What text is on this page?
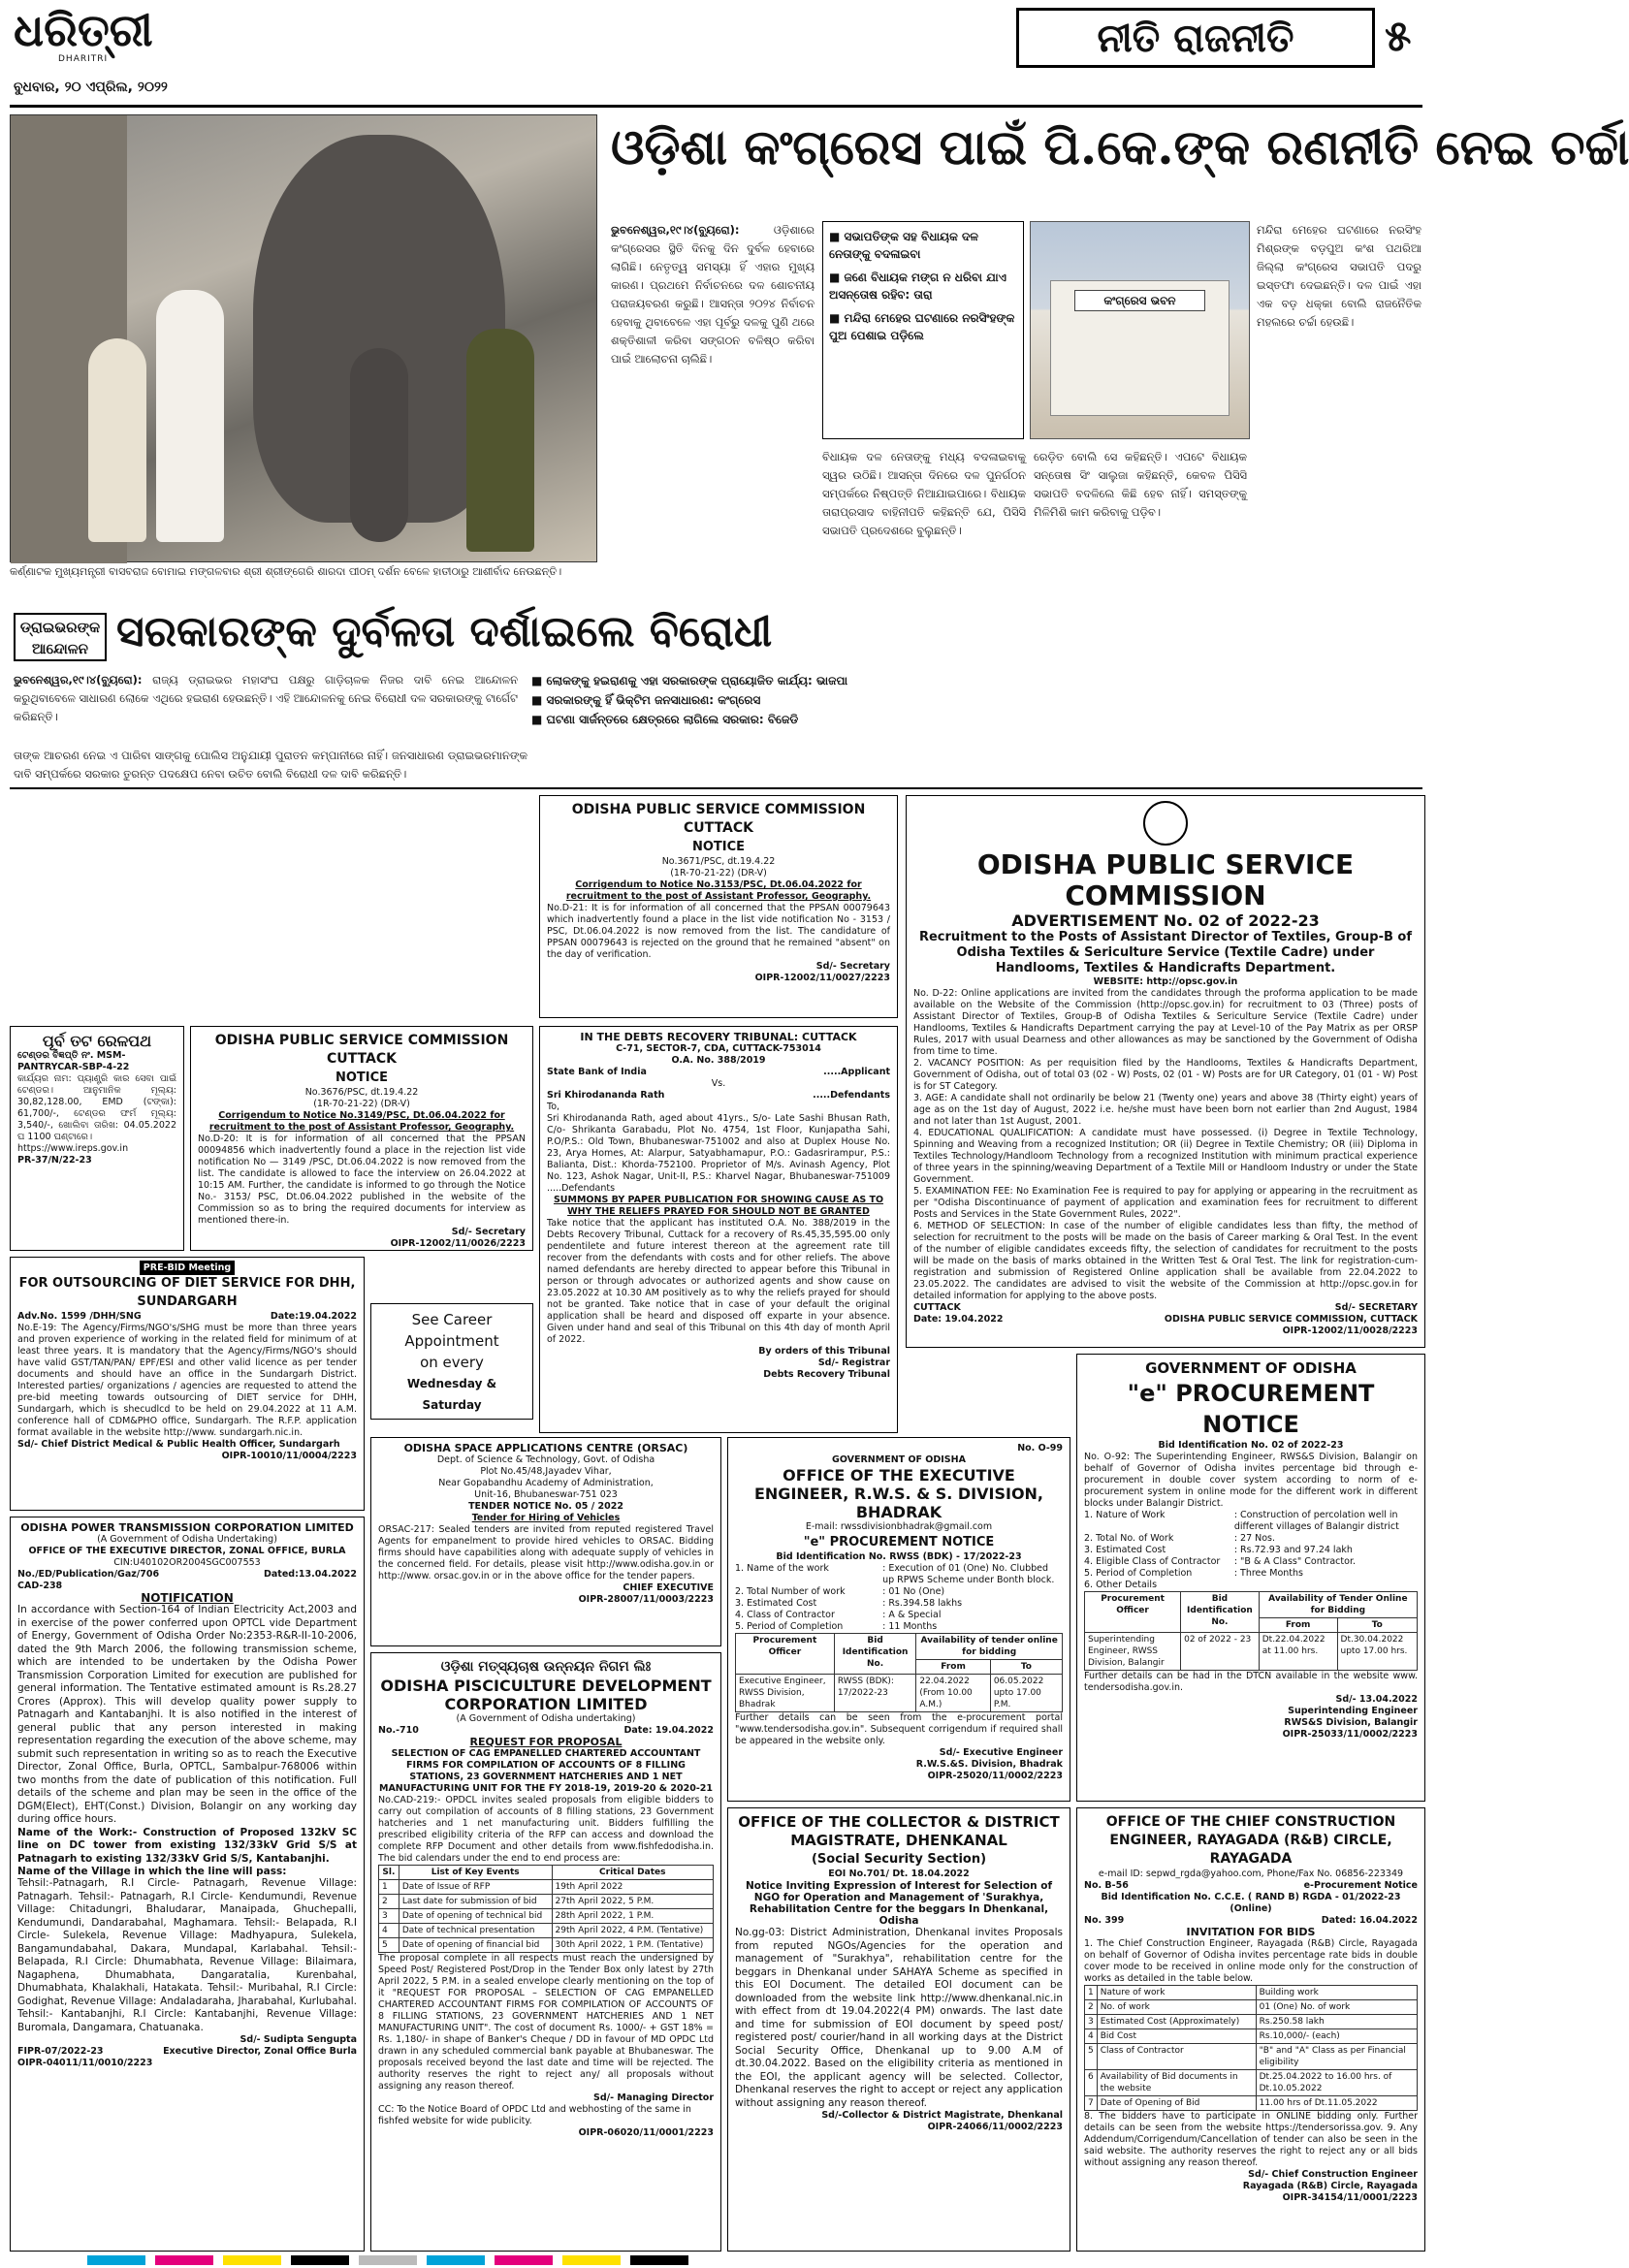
ଧରିତ୍ରୀ
DHARITRI
ବୁଧବାର, ୨୦ ଏପ୍ରିଲ, ୨୦୨୨
ନୀତି ରାଜନୀତି	୫
କର୍ଣ୍ଣାଟକ ମୁଖ୍ୟମନ୍ତ୍ରୀ ବାସବରାଜ ବୋମାଇ ମଙ୍ଗଳବାର ଶ୍ରୀ ଶ୍ରୀଙ୍ଗେରି ଶାରଦା ପୀଠମ୍ ଦର୍ଶନ ବେଳେ ହାତୀଠାରୁ ଆଶୀର୍ବାଦ ନେଉଛନ୍ତି।
ଓଡ଼ିଶା କଂଗ୍ରେସ ପାଇଁ ପି.କେ.ଙ୍କ ରଣନୀତି ନେଇ ଚର୍ଚ୍ଚା
ଭୁବନେଶ୍ୱର,୧୯।୪(ବ୍ୟୁରୋ):	ଓଡ଼ିଶାରେ କଂଗ୍ରେସର ସ୍ଥିତି ଦିନକୁ ଦିନ ଦୁର୍ବଳ ହେବାରେ ଲାଗିଛି। ନେତୃତ୍ୱ ସମସ୍ୟା ହିଁ ଏହାର ମୁଖ୍ୟ କାରଣ। ପ୍ରଥମେ ନିର୍ବାଚନରେ ଦଳ ଶୋଚନୀୟ ପରାଜୟବରଣ କରୁଛି। ଆସନ୍ତା ୨୦୨୪ ନିର୍ବାଚନ ହେବାକୁ ଥିବାବେଳେ ଏହା ପୂର୍ବରୁ ଦଳକୁ ପୁଣି ଥରେ ଶକ୍ତିଶାଳୀ କରିବା ସଙ୍ଗଠନ ବଳିଷ୍ଠ କରିବା ପାଇଁ ଆଲୋଚନା ଚାଲିଛି।
■ ସଭାପତିଙ୍କ ସହ ବିଧାୟକ ଦଳ ନେତାଙ୍କୁ ବଦଳାଇବା
■ ଜଣେ ବିଧାୟକ ମଙ୍ଗ ନ ଧରିବା ଯାଏ ଅସନ୍ତୋଷ ରହିବ: ତାରା
■ ମନ୍ଦିରା ମେହେର ଘଟଣାରେ ନରସିଂହଙ୍କ ପୁଅ ପେଶାଇ ପଡ଼ିଲେ
କଂଗ୍ରେସ ଭବନ
ବିଧାୟକ ଦଳ ନେତାଙ୍କୁ ମଧ୍ୟ ବଦଳାଇବାକୁ ସ୍ୱର ଉଠିଛି। ଆସନ୍ତା ଦିନରେ ଦଳ ପୁନର୍ଗଠନ ସମ୍ପର୍କରେ ନିଷ୍ପତ୍ତି ନିଆଯାଇପାରେ। ବିଧାୟକ ତାରାପ୍ରସାଦ ବାହିନୀପତି କହିଛନ୍ତି ଯେ, ପିସିସି ସଭାପତି ପ୍ରଦେଶରେ ବୁଲୁଛନ୍ତି।
ରେଡ଼ିତ ବୋଲି ସେ କହିଛନ୍ତି। ଏପଟେ ବିଧାୟକ ସନ୍ତୋଷ ସିଂ ସାଲୁଜା କହିଛନ୍ତି, କେବଳ ପିସିସି ସଭାପତି ବଦଳିଲେ କିଛି ହେବ ନାହିଁ। ସମସ୍ତଙ୍କୁ ମିଳିମିଶି କାମ କରିବାକୁ ପଡ଼ିବ।
ମନ୍ଦିରା ମେହେର ଘଟଣାରେ ନରସିଂହ ମିଶ୍ରଙ୍କ ବଡ଼ପୁଅ କଂଶ ପଥରିଆ ଜିଲ୍ଲା କଂଗ୍ରେସ ସଭାପତି ପଦରୁ ଇସ୍ତଫା ଦେଇଛନ୍ତି। ଦଳ ପାଇଁ ଏହା ଏକ ବଡ଼ ଧକ୍କା ବୋଲି ରାଜନୈତିକ ମହଲରେ ଚର୍ଚ୍ଚା ହେଉଛି।
ଡ୍ରାଇଭରଙ୍କ ଆନ୍ଦୋଳନ ସରକାରଙ୍କ ଦୁର୍ବଳତା ଦର୍ଶାଇଲେ ବିରୋଧୀ
ଭୁବନେଶ୍ୱର,୧୯।୪(ବ୍ୟୁରୋ): ରାଜ୍ୟ ଡ୍ରାଇଭର ମହାସଂଘ ପକ୍ଷରୁ ଗାଡ଼ିଚାଳକ ନିଜର ଦାବି ନେଇ ଆନ୍ଦୋଳନ କରୁଥିବାବେଳେ ସାଧାରଣ ଲୋକେ ଏଥିରେ ହଇରାଣ ହେଉଛନ୍ତି। ଏହି ଆନ୍ଦୋଳନକୁ ନେଇ ବିରୋଧୀ ଦଳ ସରକାରଙ୍କୁ ଟାର୍ଗେଟ କରିଛନ୍ତି।
■ ଲୋକଙ୍କୁ ହଇରାଣକୁ ଏହା ସରକାରଙ୍କ ପ୍ରାୟୋଜିତ କାର୍ଯ୍ୟ: ଭାଜପା
■ ସରକାରଙ୍କୁ ହିଁ ଭିକ୍ଟିମ ଜନସାଧାରଣ: କଂଗ୍ରେସ
■ ଘଟଣା ସାର୍ଜନ୍ତରେ କ୍ଷେତ୍ରରେ ଲାଗିଲେ ସରକାର: ବିଜେଡି
ତାଙ୍କ ଆଚରଣ ନେଇ ଏ ପାରିବା ସାଙ୍ଗକୁ ପୋଲିସ ଅନୁଯାୟୀ ପୁରାତନ କମ୍ପାନୀରେ ନାହିଁ। ଜନସାଧାରଣ ଡ୍ରାଇଭରମାନଙ୍କ ଦାବି ସମ୍ପର୍କରେ ସରକାର ତୁରନ୍ତ ପଦକ୍ଷେପ ନେବା ଉଚିତ ବୋଲି ବିରୋଧୀ ଦଳ ଦାବି କରିଛନ୍ତି।
ODISHA PUBLIC SERVICE COMMISSION
CUTTACK
NOTICE
No.3671/PSC, dt.19.4.22
(1R-70-21-22) (DR-V)
Corrigendum to Notice No.3153/PSC, Dt.06.04.2022 for recruitment to the post of Assistant Professor, Geography.
No.D-21: It is for information of all concerned that the PPSAN 00079643 which inadvertently found a place in the list vide notification No - 3153 / PSC, Dt.06.04.2022 is now removed from the list. The candidature of PPSAN 00079643 is rejected on the ground that he remained "absent" on the day of verification.
Sd/- Secretary
OIPR-12002/11/0027/2223
ODISHA PUBLIC SERVICE COMMISSION
ADVERTISEMENT No. 02 of 2022-23
Recruitment to the Posts of Assistant Director of Textiles, Group-B of Odisha Textiles & Sericulture Service (Textile Cadre) under Handlooms, Textiles & Handicrafts Department.
WEBSITE: http://opsc.gov.in
No. D-22: Online applications are invited from the candidates through the proforma application to be made available on the Website of the Commission (http://opsc.gov.in) for recruitment to 03 (Three) posts of Assistant Director of Textiles, Group-B of Odisha Textiles & Sericulture Service (Textile Cadre) under Handlooms, Textiles & Handicrafts Department carrying the pay at Level-10 of the Pay Matrix as per ORSP Rules, 2017 with usual Dearness and other allowances as may be sanctioned by the Government of Odisha from time to time.
2. VACANCY POSITION: As per requisition filed by the Handlooms, Textiles & Handicrafts Department, Government of Odisha, out of total 03 (02 - W) Posts, 02 (01 - W) Posts are for UR Category, 01 (01 - W) Post is for ST Category.
3. AGE: A candidate shall not ordinarily be below 21 (Twenty one) years and above 38 (Thirty eight) years of age as on the 1st day of August, 2022 i.e. he/she must have been born not earlier than 2nd August, 1984 and not later than 1st August, 2001.
4. EDUCATIONAL QUALIFICATION: A candidate must have possessed. (i) Degree in Textile Technology, Spinning and Weaving from a recognized Institution; OR (ii) Degree in Textile Chemistry; OR (iii) Diploma in Textiles Technology/Handloom Technology from a recognized Institution with minimum practical experience of three years in the spinning/weaving Department of a Textile Mill or Handloom Industry or under the State Government.
5. EXAMINATION FEE: No Examination Fee is required to pay for applying or appearing in the recruitment as per "Odisha Discontinuance of payment of application and examination fees for recruitment to different Posts and Services in the State Government Rules, 2022".
6. METHOD OF SELECTION: In case of the number of eligible candidates less than fifty, the method of selection for recruitment to the posts will be made on the basis of Career marking & Oral Test. In the event of the number of eligible candidates exceeds fifty, the selection of candidates for recruitment to the posts will be made on the basis of marks obtained in the Written Test & Oral Test. The link for registration-cum-registration and submission of Registered Online application shall be available from 22.04.2022 to 23.05.2022. The candidates are advised to visit the website of the Commission at http://opsc.gov.in for detailed information for applying to the above posts.
CUTTACK	Sd/- SECRETARY
Date: 19.04.2022	ODISHA PUBLIC SERVICE COMMISSION, CUTTACK
OIPR-12002/11/0028/2223
ପୂର୍ବ ତଟ ରେଳପଥ
ଟେଣ୍ଡର ବିଜ୍ଞପ୍ତି ନଂ. MSM-PANTRYCAR-SBP-4-22
କାର୍ଯ୍ୟର ନାମ: ପ୍ୟାଣ୍ଟ୍ରି କାର ସେବା ପାଇଁ ଟେଣ୍ଡର। ଆନୁମାନିକ ମୂଲ୍ୟ: 30,82,128.00, EMD (ଟଙ୍କା): 61,700/-, ଟେଣ୍ଡର ଫର୍ମ ମୂଲ୍ୟ: 3,540/-, ଖୋଲିବା ତାରିଖ: 04.05.2022 ଘ 1100 ଘଣ୍ଟାରେ।
https://www.ireps.gov.in
PR-37/N/22-23
ODISHA PUBLIC SERVICE COMMISSION
CUTTACK
NOTICE
No.3676/PSC, dt.19.4.22
(1R-70-21-22) (DR-V)
Corrigendum to Notice No.3149/PSC, Dt.06.04.2022 for recruitment to the post of Assistant Professor, Geography.
No.D-20: It is for information of all concerned that the PPSAN 00094856 which inadvertently found a place in the rejection list vide notification No — 3149 /PSC, Dt.06.04.2022 is now removed from the list. The candidate is allowed to face the interview on 26.04.2022 at 10:15 AM. Further, the candidate is informed to go through the Notice No.- 3153/ PSC, Dt.06.04.2022 published in the website of the Commission so as to bring the required documents for interview as mentioned there-in.
Sd/- Secretary
OIPR-12002/11/0026/2223
IN THE DEBTS RECOVERY TRIBUNAL: CUTTACK
C-71, SECTOR-7, CDA, CUTTACK-753014
O.A. No. 388/2019
State Bank of India	.....Applicant
Vs.
Sri Khirodananda Rath	.....Defendants
To,
Sri Khirodananda Rath, aged about 41yrs., S/o- Late Sashi Bhusan Rath, C/o- Shrikanta Garabadu, Plot No. 4754, 1st Floor, Kunjapatha Sahi, P.O/P.S.: Old Town, Bhubaneswar-751002 and also at Duplex House No. 23, Arya Homes, At: Alarpur, Satyabhamapur, P.O.: Gadasrirampur, P.S.: Balianta, Dist.: Khorda-752100. Proprietor of M/s. Avinash Agency, Plot No. 123, Ashok Nagar, Unit-II, P.S.: Kharvel Nagar, Bhubaneswar-751009 .....Defendants
SUMMONS BY PAPER PUBLICATION FOR SHOWING CAUSE AS TO WHY THE RELIEFS PRAYED FOR SHOULD NOT BE GRANTED
Take notice that the applicant has instituted O.A. No. 388/2019 in the Debts Recovery Tribunal, Cuttack for a recovery of Rs.45,35,595.00 only pendentilete and future interest thereon at the agreement rate till recover from the defendants with costs and for other reliefs. The above named defendants are hereby directed to appear before this Tribunal in person or through advocates or authorized agents and show cause on 23.05.2022 at 10.30 AM positively as to why the reliefs prayed for should not be granted. Take notice that in case of your default the original application shall be heard and disposed off exparte in your absence. Given under hand and seal of this Tribunal on this 4th day of month April of 2022.
By orders of this Tribunal
Sd/- Registrar
Debts Recovery Tribunal
PRE-BID Meeting
FOR OUTSOURCING OF DIET SERVICE FOR DHH, SUNDARGARH
Adv.No. 1599 /DHH/SNG	Date:19.04.2022
No.E-19: The Agency/Firms/NGO's/SHG must be more than three years and proven experience of working in the related field for minimum of at least three years. It is mandatory that the Agency/Firms/NGO's should have valid GST/TAN/PAN/ EPF/ESI and other valid licence as per tender documents and should have an office in the Sundargarh District. Interested parties/ organizations / agencies are requested to attend the pre-bid meeting towards outsourcing of DIET service for DHH, Sundargarh, which is shecudlcd to be held on 29.04.2022 at 11 A.M. conference hall of CDM&PHO office, Sundargarh. The R.F.P. application format available in the website http://www. sundargarh.nic.in.
Sd/- Chief District Medical & Public Health Officer, Sundargarh
OIPR-10010/11/0004/2223
See Career
Appointment
on every
Wednesday & Saturday
ODISHA SPACE APPLICATIONS CENTRE (ORSAC)
Dept. of Science & Technology, Govt. of Odisha
Plot No.45/48,Jayadev Vihar,
Near Gopabandhu Academy of Administration,
Unit-16, Bhubaneswar-751 023
TENDER NOTICE No. 05 / 2022
Tender for Hiring of Vehicles
ORSAC-217: Sealed tenders are invited from reputed registered Travel Agents for empanelment to provide hired vehicles to ORSAC. Bidding firms should have capabilities along with adequate supply of vehicles in the concerned field. For details, please visit http://www.odisha.gov.in or http://www. orsac.gov.in or in the above office for the tender papers.
CHIEF EXECUTIVE
OIPR-28007/11/0003/2223
No. O-99
GOVERNMENT OF ODISHA
OFFICE OF THE EXECUTIVE ENGINEER, R.W.S. & S. DIVISION, BHADRAK
E-mail: rwssdivisionbhadrak@gmail.com
"e" PROCUREMENT NOTICE
Bid Identification No. RWSS (BDK) - 17/2022-23
1. Name of the work	: Execution of 01 (One) No. Clubbed up RPWS Scheme under Bonth block.
2. Total Number of work	: 01 No (One)
3. Estimated Cost	: Rs.394.58 lakhs
4. Class of Contractor	: A & Special
5. Period of Completion	: 11 Months
Procurement Officer	Bid Identification No.	Availability of tender online for bidding	
		From	To
Executive Engineer, RWSS Division, Bhadrak	RWSS (BDK): 17/2022-23	22.04.2022 (From 10.00 A.M.)	06.05.2022 upto 17.00 P.M.
Further details can be seen from the e-procurement portal "www.tendersodisha.gov.in". Subsequent corrigendum if required shall be appeared in the website only.
Sd/- Executive Engineer
R.W.S.&S. Division, Bhadrak
OIPR-25020/11/0002/2223
GOVERNMENT OF ODISHA
"e" PROCUREMENT NOTICE
Bid Identification No. 02 of 2022-23
No. O-92: The Superintending Engineer, RWS&S Division, Balangir on behalf of Governor of Odisha invites percentage bid through e-procurement in double cover system according to norm of e-procurement system in online mode for the different work in different blocks under Balangir District.
1. Nature of Work	: Construction of percolation well in different villages of Balangir district
2. Total No. of Work	: 27 Nos.
3. Estimated Cost	: Rs.72.93 and 97.24 lakh
4. Eligible Class of Contractor : "B & A Class" Contractor.
5. Period of Completion	: Three Months
6. Other Details
Procurement Officer	Bid Identification No.	Availability of Tender Online for Bidding	
		From	To
Superintending Engineer, RWSS Division, Balangir	02 of 2022 - 23	Dt.22.04.2022 at 11.00 hrs.	Dt.30.04.2022 upto 17.00 hrs.
Further details can be had in the DTCN available in the website www. tendersodisha.gov.in.
Sd/- 13.04.2022
Superintending Engineer
RWS&S Division, Balangir
OIPR-25033/11/0002/2223
ODISHA POWER TRANSMISSION CORPORATION LIMITED
(A Government of Odisha Undertaking)
OFFICE OF THE EXECUTIVE DIRECTOR, ZONAL OFFICE, BURLA
CIN:U40102OR2004SGC007553
No./ED/Publication/Gaz/706	Dated:13.04.2022
CAD-238
NOTIFICATION
In accordance with Section-164 of Indian Electricity Act,2003 and in exercise of the power conferred upon OPTCL vide Department of Energy, Government of Odisha Order No:2353-R&R-II-10-2006, dated the 9th March 2006, the following transmission scheme, which are intended to be undertaken by the Odisha Power Transmission Corporation Limited for execution are published for general information. The Tentative estimated amount is Rs.28.27 Crores (Approx). This will develop quality power supply to Patnagarh and Kantabanjhi. It is also notified in the interest of general public that any person interested in making representation regarding the execution of the above scheme, may submit such representation in writing so as to reach the Executive Director, Zonal Office, Burla, OPTCL, Sambalpur-768006 within two months from the date of publication of this notification. Full details of the scheme and plan may be seen in the office of the DGM(Elect), EHT(Const.) Division, Bolangir on any working day during office hours.
Name of the Work:- Construction of Proposed 132kV SC line on DC tower from existing 132/33kV Grid S/S at Patnagarh to existing 132/33kV Grid S/S, Kantabanjhi.
Name of the Village in which the line will pass:
Tehsil:-Patnagarh, R.I Circle- Patnagarh, Revenue Village: Patnagarh. Tehsil:- Patnagarh, R.I Circle- Kendumundi, Revenue Village: Chitadungri, Bhaludarar, Manaipada, Ghuchepalli, Kendumundi, Dandarabahal, Maghamara. Tehsil:- Belapada, R.I Circle- Sulekela, Revenue Village: Madhyapura, Sulekela, Bangamundabahal, Dakara, Mundapal, Karlabahal. Tehsil:- Belapada, R.I Circle: Dhumabhata, Revenue Village: Bilaimara, Nagaphena, Dhumabhata, Dangaratalia, Kurenbahal, Dhumabhata, Khalakhali, Hatakata. Tehsil:- Muribahal, R.I Circle: Godighat, Revenue Village: Andaladaraha, Jharabahal, Kurlubahal. Tehsil:- Kantabanjhi, R.I Circle: Kantabanjhi, Revenue Village: Buromala, Dangamara, Chatuanaka.
Sd/- Sudipta Sengupta
FIPR-07/2022-23	Executive Director, Zonal Office Burla
OIPR-04011/11/0010/2223
ଓଡ଼ିଶା ମତ୍ସ୍ୟଚାଷ ଉନ୍ନୟନ ନିଗମ ଲିଃ
ODISHA PISCICULTURE DEVELOPMENT CORPORATION LIMITED
(A Government of Odisha undertaking)
No.-710	Date: 19.04.2022
REQUEST FOR PROPOSAL
SELECTION OF CAG EMPANELLED CHARTERED ACCOUNTANT FIRMS FOR COMPILATION OF ACCOUNTS OF 8 FILLING STATIONS, 23 GOVERNMENT HATCHERIES AND 1 NET MANUFACTURING UNIT FOR THE FY 2018-19, 2019-20 & 2020-21
No.CAD-219:- OPDCL invites sealed proposals from eligible bidders to carry out compilation of accounts of 8 filling stations, 23 Government hatcheries and 1 net manufacturing unit. Bidders fulfilling the prescribed eligibility criteria of the RFP can access and download the complete RFP Document and other details from www.fishfedodisha.in. The bid calendars under the end to end process are:
Sl.	List of Key Events	Critical Dates
1	Date of Issue of RFP	19th April 2022
2	Last date for submission of bid	27th April 2022, 5 P.M.
3	Date of opening of technical bid	28th April 2022, 1 P.M.
4	Date of technical presentation	29th April 2022, 4 P.M. (Tentative)
5	Date of opening of financial bid	30th April 2022, 1 P.M. (Tentative)
The proposal complete in all respects must reach the undersigned by Speed Post/ Registered Post/Drop in the Tender Box only latest by 27th April 2022, 5 P.M. in a sealed envelope clearly mentioning on the top of it "REQUEST FOR PROPOSAL – SELECTION OF CAG EMPANELLED CHARTERED ACCOUNTANT FIRMS FOR COMPILATION OF ACCOUNTS OF 8 FILLING STATIONS, 23 GOVERNMENT HATCHERIES AND 1 NET MANUFACTURING UNIT". The cost of document Rs. 1000/- + GST 18% = Rs. 1,180/- in shape of Banker's Cheque / DD in favour of MD OPDC Ltd drawn in any scheduled commercial bank payable at Bhubaneswar. The proposals received beyond the last date and time will be rejected. The authority reserves the right to reject any/ all proposals without assigning any reason thereof.
Sd/- Managing Director
CC: To the Notice Board of OPDC Ltd and webhosting of the same in fishfed website for wide publicity.
OIPR-06020/11/0001/2223
OFFICE OF THE COLLECTOR & DISTRICT MAGISTRATE, DHENKANAL
(Social Security Section)
EOI No.701/ Dt. 18.04.2022
Notice Inviting Expression of Interest for Selection of NGO for Operation and Management of 'Surakhya, Rehabilitation Centre for the beggars In Dhenkanal, Odisha
No.gg-03: District Administration, Dhenkanal invites Proposals from reputed NGOs/Agencies for the operation and management of "Surakhya", rehabilitation centre for the beggars in Dhenkanal under SAHAYA Scheme as specified in this EOI Document. The detailed EOI document can be downloaded from the website link http://www.dhenkanal.nic.in with effect from dt 19.04.2022(4 PM) onwards. The last date and time for submission of EOI document by speed post/ registered post/ courier/hand in all working days at the District Social Security Office, Dhenkanal up to 9.00 A.M of dt.30.04.2022. Based on the eligibility criteria as mentioned in the EOI, the applicant agency will be selected. Collector, Dhenkanal reserves the right to accept or reject any application without assigning any reason thereof.
Sd/-Collector & District Magistrate, Dhenkanal
OIPR-24066/11/0002/2223
OFFICE OF THE CHIEF CONSTRUCTION ENGINEER, RAYAGADA (R&B) CIRCLE, RAYAGADA
e-mail ID: sepwd_rgda@yahoo.com, Phone/Fax No. 06856-223349
No. B-56	e-Procurement Notice
Bid Identification No. C.C.E. ( RAND B) RGDA - 01/2022-23 (Online)
No. 399	Dated: 16.04.2022
INVITATION FOR BIDS
1. The Chief Construction Engineer, Rayagada (R&B) Circle, Rayagada on behalf of Governor of Odisha invites percentage rate bids in double cover mode to be received in online mode only for the construction of works as detailed in the table below.
1	Nature of work	Building work
2	No. of work	01 (One) No. of work
3	Estimated Cost (Approximately)	Rs.250.58 lakh
4	Bid Cost	Rs.10,000/- (each)
5	Class of Contractor	"B" and "A" Class as per Financial eligibility
6	Availability of Bid documents in the website	Dt.25.04.2022 to 16.00 hrs. of Dt.10.05.2022
7	Date of Opening of Bid	11.00 hrs of Dt.11.05.2022
8. The bidders have to participate in ONLINE bidding only. Further details can be seen from the website https://tendersorissa.gov. 9. Any Addendum/Corrigendum/Cancellation of tender can also be seen in the said website. The authority reserves the right to reject any or all bids without assigning any reason thereof.
Sd/- Chief Construction Engineer
Rayagada (R&B) Circle, Rayagada
OIPR-34154/11/0001/2223
